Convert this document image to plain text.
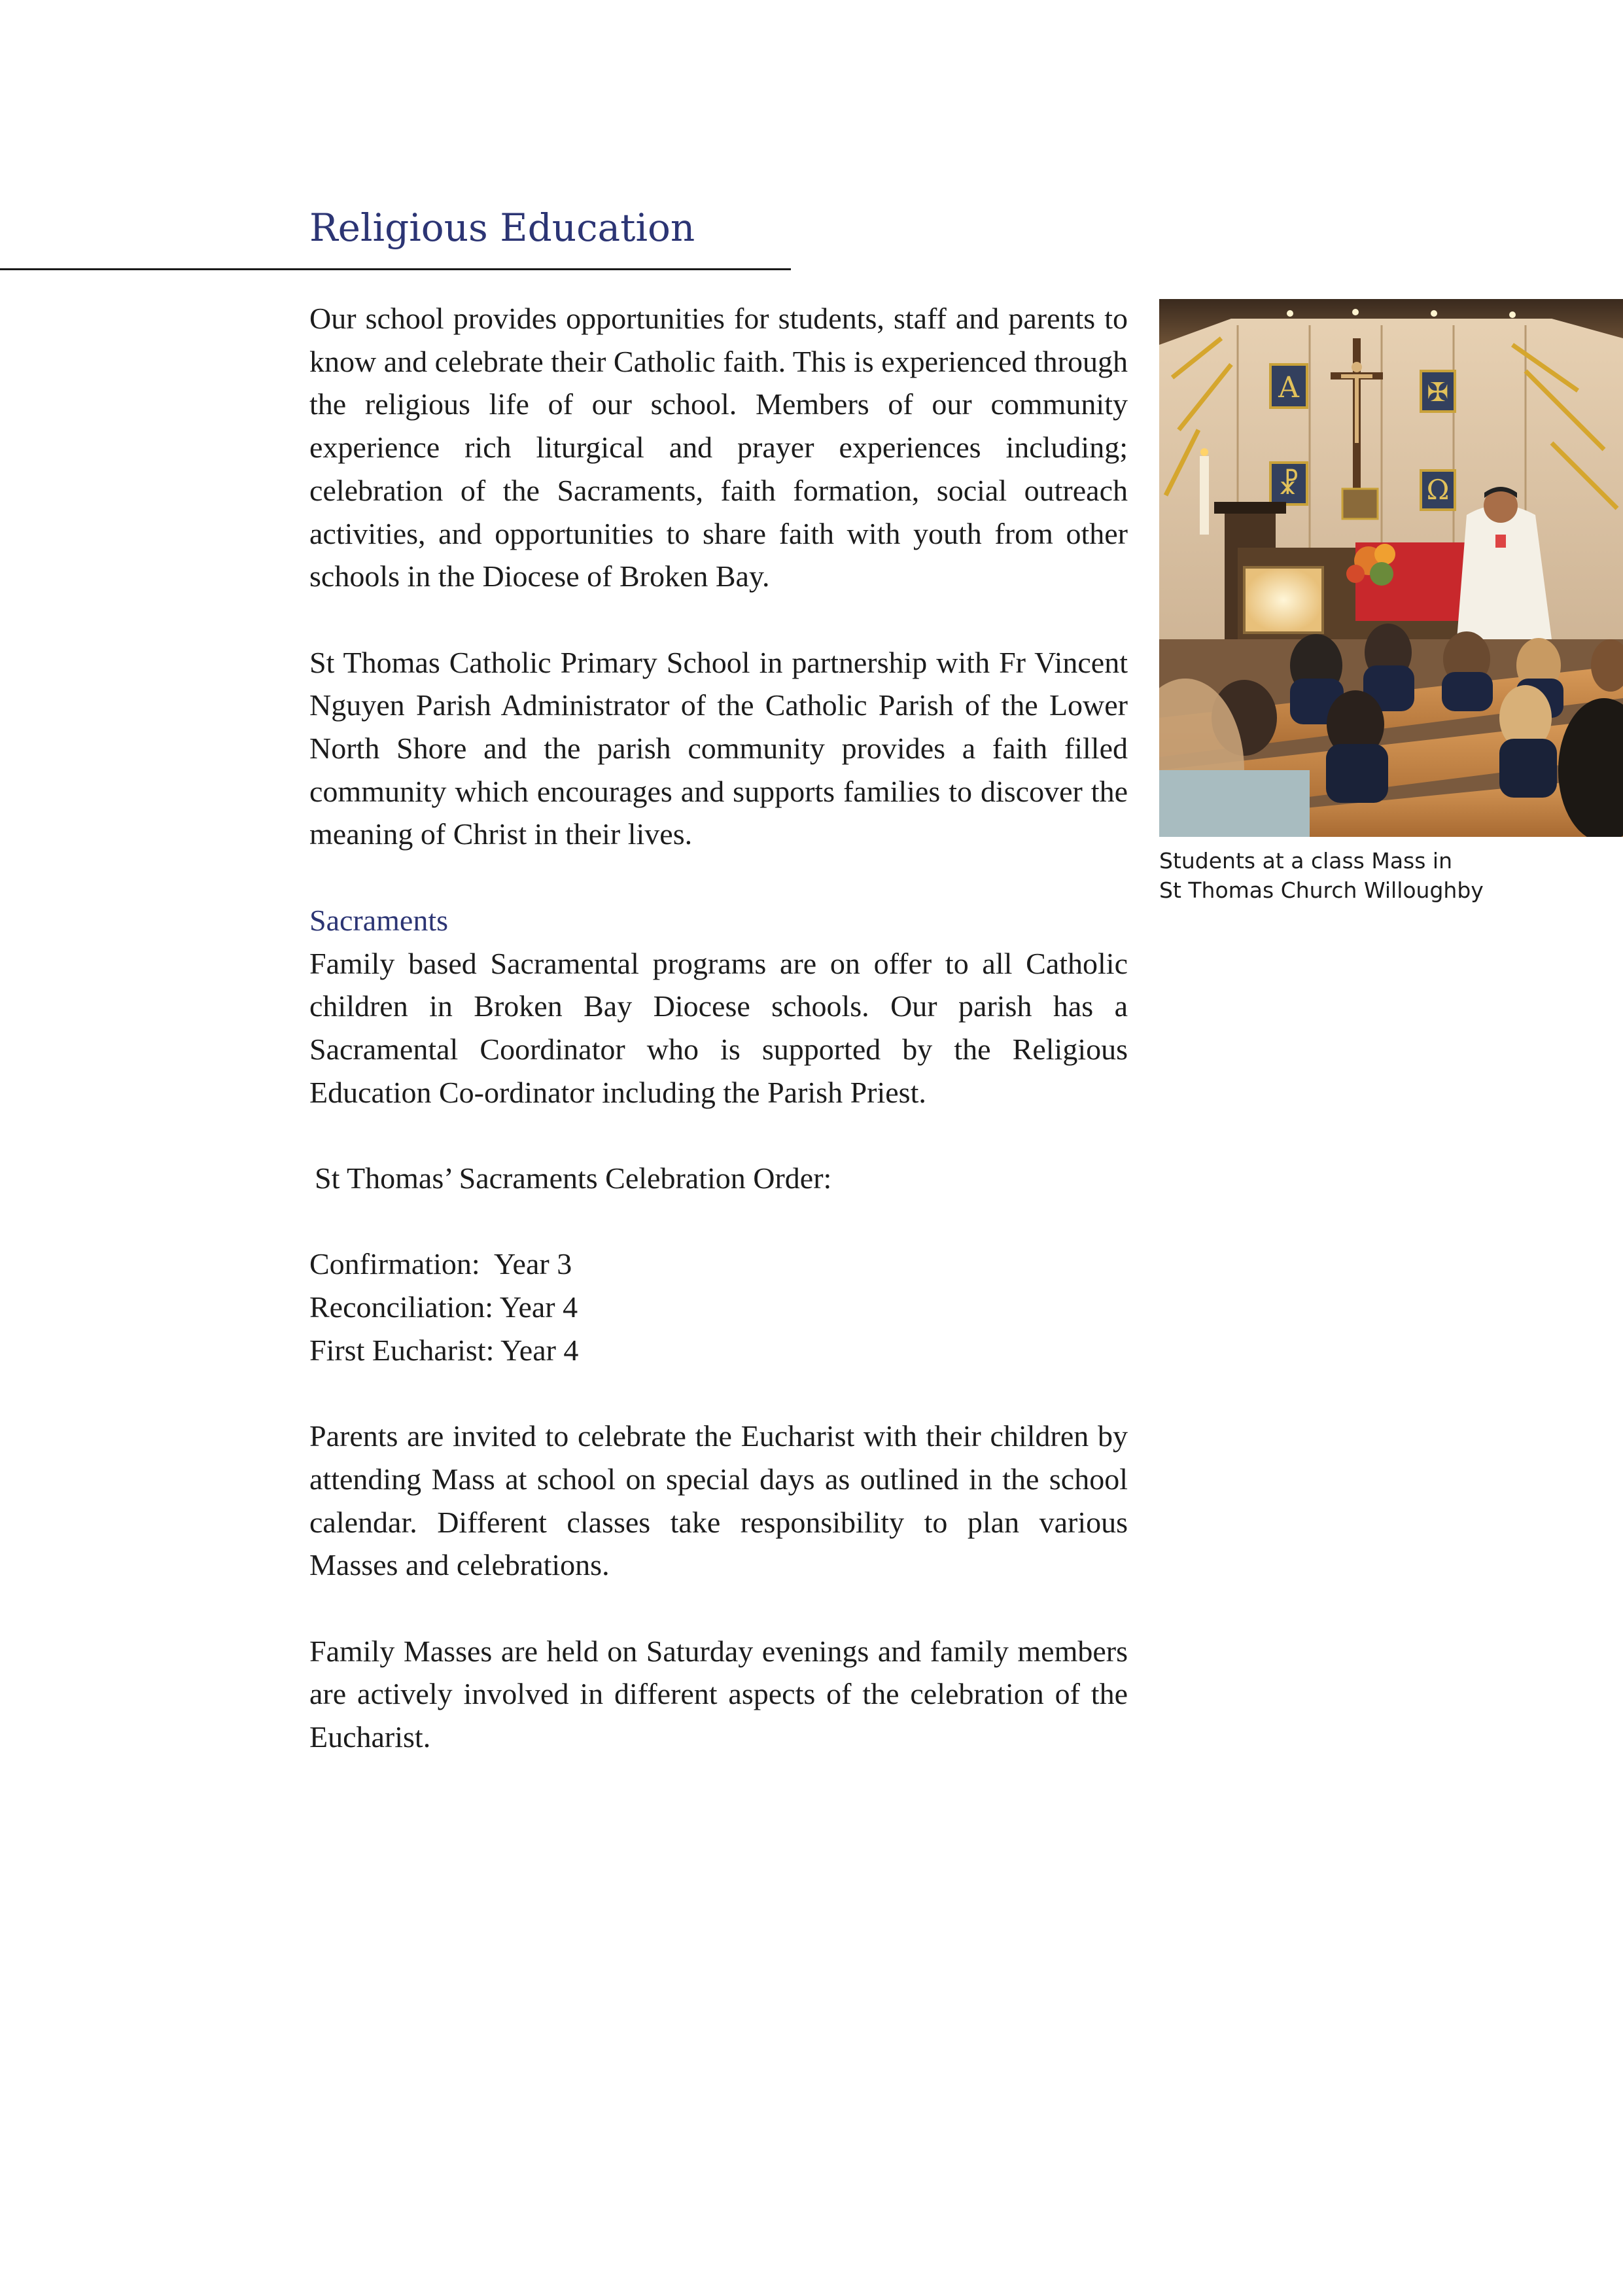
Religious Education

Our school provides opportunities for students, staff and parents to know and celebrate their Catholic faith. This is experienced through the religious life of our school. Members of our community experience rich liturgical and prayer experiences including; celebration of the Sacraments, faith formation, social outreach activities, and opportunities to share faith with youth from other schools in the Diocese of Broken Bay.

St Thomas Catholic Primary School in partnership with Fr Vincent Nguyen Parish Administrator of the Catholic Parish of the Lower North Shore and the parish community provides a faith filled community which encourages and supports families to discover the meaning of Christ in their lives.

Sacraments

Family based Sacramental programs are on offer to all Catholic children in Broken Bay Diocese schools. Our parish has a Sacramental Coordinator who is supported by the Religious Education Co-ordinator including the Parish Priest.

St Thomas’ Sacraments Celebration Order:

Confirmation: Year 3

Reconciliation: Year 4

First Eucharist: Year 4

Parents are invited to celebrate the Eucharist with their children by attending Mass at school on special days as outlined in the school calendar. Different classes take responsibility to plan various Masses and celebrations.

Family Masses are held on Saturday evenings and family members are actively involved in different aspects of the celebration of the Eucharist.

A	✠
☧	Ω
Students at a class Mass in
St Thomas Church Willoughby
